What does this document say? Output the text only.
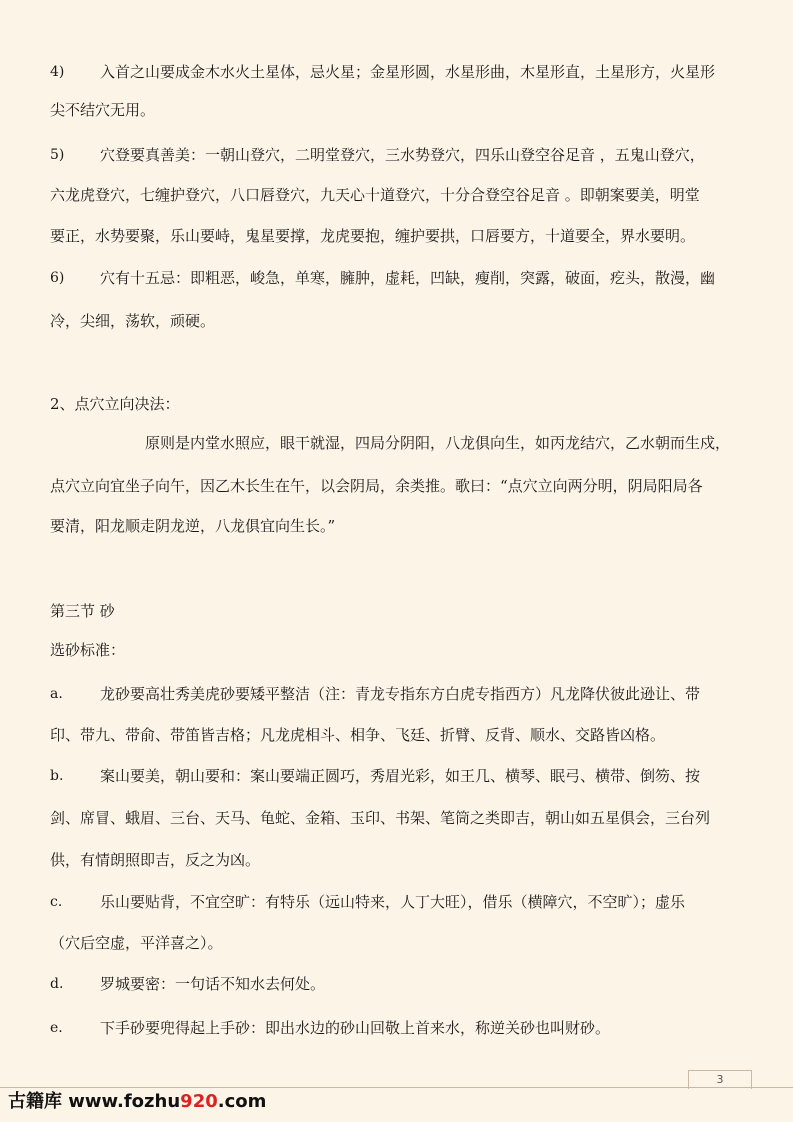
4) 入首之山要成金木水火土星体，忌火星；金星形圆，水星形曲，木星形直，土星形方，火星形
尖不结穴无用。
5) 穴登要真善美：一朝山登穴，二明堂登穴，三水势登穴，四乐山登空谷足音 ，五鬼山登穴，
六龙虎登穴，七缠护登穴，八口唇登穴，九天心十道登穴，十分合登空谷足音 。即朝案要美，明堂
要正，水势要聚，乐山要峙，鬼星要撑，龙虎要抱，缠护要拱，口唇要方，十道要全，界水要明。
6) 穴有十五忌：即粗恶，峻急，单寒，臃肿，虚耗，凹缺，瘦削，突露，破面，疙头，散漫，幽
冷，尖细，荡软，顽硬。
2、点穴立向决法：
原则是内堂水照应，眼干就湿，四局分阴阳，八龙俱向生，如丙龙结穴，乙水朝而生戍，
点穴立向宜坐子向午，因乙木长生在午，以会阴局，余类推。歌曰：“点穴立向两分明，阴局阳局各
要清，阳龙顺走阴龙逆，八龙俱宜向生长。”
第三节 砂
选砂标准：
a. 龙砂要高壮秀美虎砂要矮平整洁（注：青龙专指东方白虎专指西方）凡龙降伏彼此逊让、带
印、带九、带俞、带笛皆吉格；凡龙虎相斗、相争、飞廷、折臂、反背、顺水、交路皆凶格。
b. 案山要美，朝山要和：案山要端正圆巧，秀眉光彩，如王几、横琴、眠弓、横带、倒笏、按
剑、席冒、蛾眉、三台、天马、龟蛇、金箱、玉印、书架、笔筒之类即吉，朝山如五星俱会，三台列
供，有情朗照即吉，反之为凶。
c.	乐山要贴背，不宜空旷：有特乐（远山特来，人丁大旺），借乐（横障穴，不空旷）；虚乐
（穴后空虚，平洋喜之）。
d. 罗城要密：一句话不知水去何处。
e. 下手砂要兜得起上手砂：即出水边的砂山回敬上首来水，称逆关砂也叫财砂。
3
古籍库 www.fozhu920.com
